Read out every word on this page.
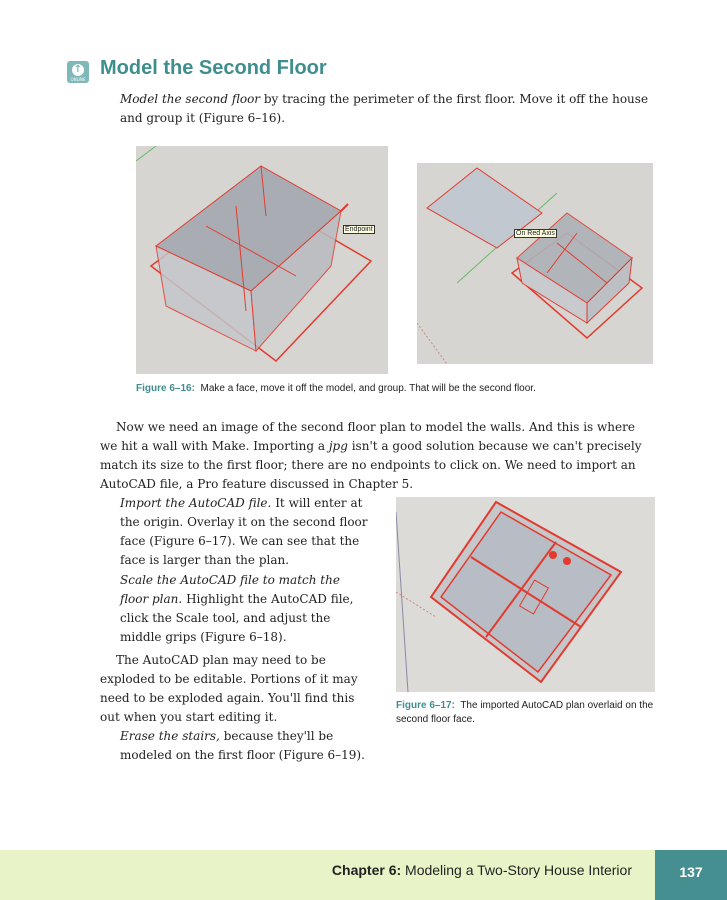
↑
ONLINE
Model the Second Floor

Model the second floor by tracing the perimeter of the first floor. Move it off the house and group it (Figure 6–16).

Endpoint
On Red Axis

Figure 6–16: Make a face, move it off the model, and group. That will be the second floor.

Now we need an image of the second floor plan to model the walls. And this is where we hit a wall with Make. Importing a jpg isn't a good solution because we can't precisely match its size to the first floor; there are no endpoints to click on. We need to import an AutoCAD file, a Pro feature discussed in Chapter 5.

Import the AutoCAD file. It will enter at the origin. Overlay it on the second floor face (Figure 6–17). We can see that the face is larger than the plan.

Scale the AutoCAD file to match the floor plan. Highlight the AutoCAD file, click the Scale tool, and adjust the middle grips (Figure 6–18).

The AutoCAD plan may need to be exploded to be editable. Portions of it may need to be exploded again. You'll find this out when you start editing it.

Erase the stairs, because they'll be modeled on the first floor (Figure 6–19).

Figure 6–17: The imported AutoCAD plan overlaid on the second floor face.

Chapter 6: Modeling a Two-Story House Interior	137
